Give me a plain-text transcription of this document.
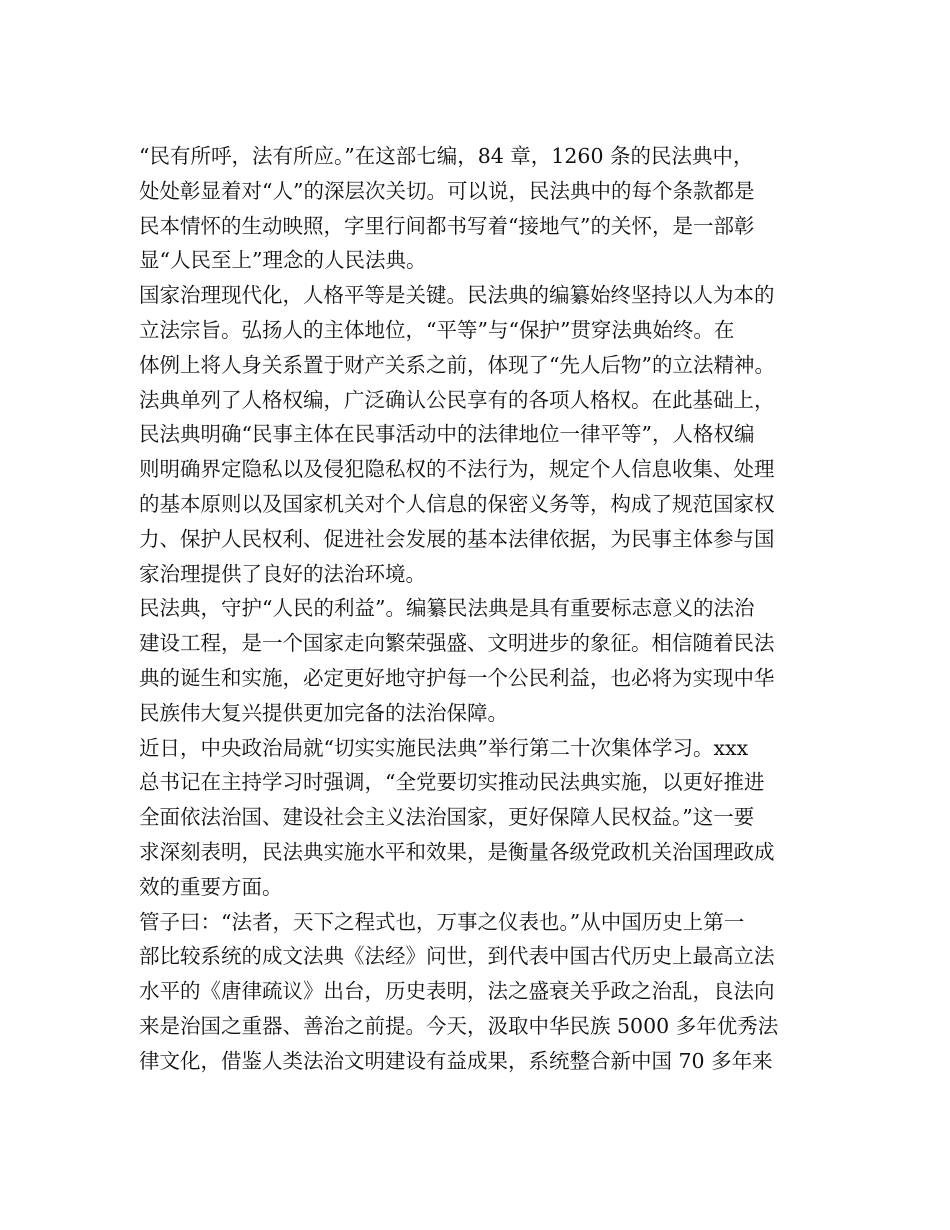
“民有所呼，法有所应。”在这部七编，84 章，1260 条的民法典中，
处处彰显着对“人”的深层次关切。可以说，民法典中的每个条款都是
民本情怀的生动映照，字里行间都书写着“接地气”的关怀，是一部彰
显“人民至上”理念的人民法典。
国家治理现代化，人格平等是关键。民法典的编纂始终坚持以人为本的
立法宗旨。弘扬人的主体地位，“平等”与“保护”贯穿法典始终。在
体例上将人身关系置于财产关系之前，体现了“先人后物”的立法精神。
法典单列了人格权编，广泛确认公民享有的各项人格权。在此基础上，
民法典明确“民事主体在民事活动中的法律地位一律平等”，人格权编
则明确界定隐私以及侵犯隐私权的不法行为，规定个人信息收集、处理
的基本原则以及国家机关对个人信息的保密义务等，构成了规范国家权
力、保护人民权利、促进社会发展的基本法律依据，为民事主体参与国
家治理提供了良好的法治环境。
民法典，守护“人民的利益”。编纂民法典是具有重要标志意义的法治
建设工程，是一个国家走向繁荣强盛、文明进步的象征。相信随着民法
典的诞生和实施，必定更好地守护每一个公民利益，也必将为实现中华
民族伟大复兴提供更加完备的法治保障。
近日，中央政治局就“切实实施民法典”举行第二十次集体学习。xxx
总书记在主持学习时强调，“全党要切实推动民法典实施，以更好推进
全面依法治国、建设社会主义法治国家，更好保障人民权益。”这一要
求深刻表明，民法典实施水平和效果，是衡量各级党政机关治国理政成
效的重要方面。
管子曰：“法者，天下之程式也，万事之仪表也。”从中国历史上第一
部比较系统的成文法典《法经》问世，到代表中国古代历史上最高立法
水平的《唐律疏议》出台，历史表明，法之盛衰关乎政之治乱，良法向
来是治国之重器、善治之前提。今天，汲取中华民族 5000 多年优秀法
律文化，借鉴人类法治文明建设有益成果，系统整合新中国 70 多年来
